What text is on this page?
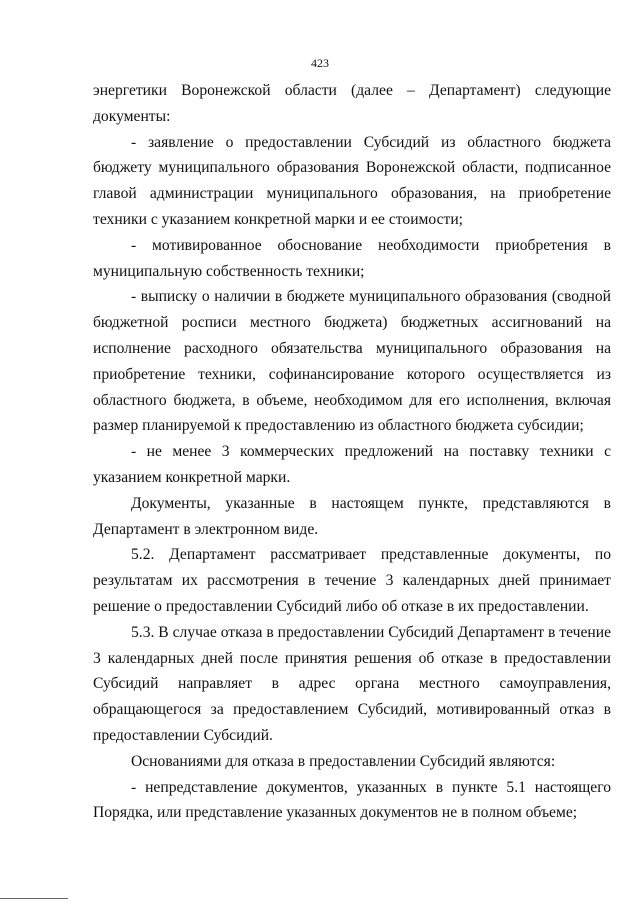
423

энергетики Воронежской области (далее – Департамент) следующие документы:

- заявление о предоставлении Субсидий из областного бюджета бюджету муниципального образования Воронежской области, подписанное главой администрации муниципального образования, на приобретение техники с указанием конкретной марки и ее стоимости;

- мотивированное обоснование необходимости приобретения в муниципальную собственность техники;

- выписку о наличии в бюджете муниципального образования (сводной бюджетной росписи местного бюджета) бюджетных ассигнований на исполнение расходного обязательства муниципального образования на приобретение техники, софинансирование которого осуществляется из областного бюджета, в объеме, необходимом для его исполнения, включая размер планируемой к предоставлению из областного бюджета субсидии;

- не менее 3 коммерческих предложений на поставку техники с указанием конкретной марки.

Документы, указанные в настоящем пункте, представляются в Департамент в электронном виде.

5.2. Департамент рассматривает представленные документы, по результатам их рассмотрения в течение 3 календарных дней принимает решение о предоставлении Субсидий либо об отказе в их предоставлении.

5.3. В случае отказа в предоставлении Субсидий Департамент в течение 3 календарных дней после принятия решения об отказе в предоставлении Субсидий направляет в адрес органа местного самоуправления, обращающегося за предоставлением Субсидий, мотивированный отказ в предоставлении Субсидий.

Основаниями для отказа в предоставлении Субсидий являются:

- непредставление документов, указанных в пункте 5.1 настоящего Порядка, или представление указанных документов не в полном объеме;
